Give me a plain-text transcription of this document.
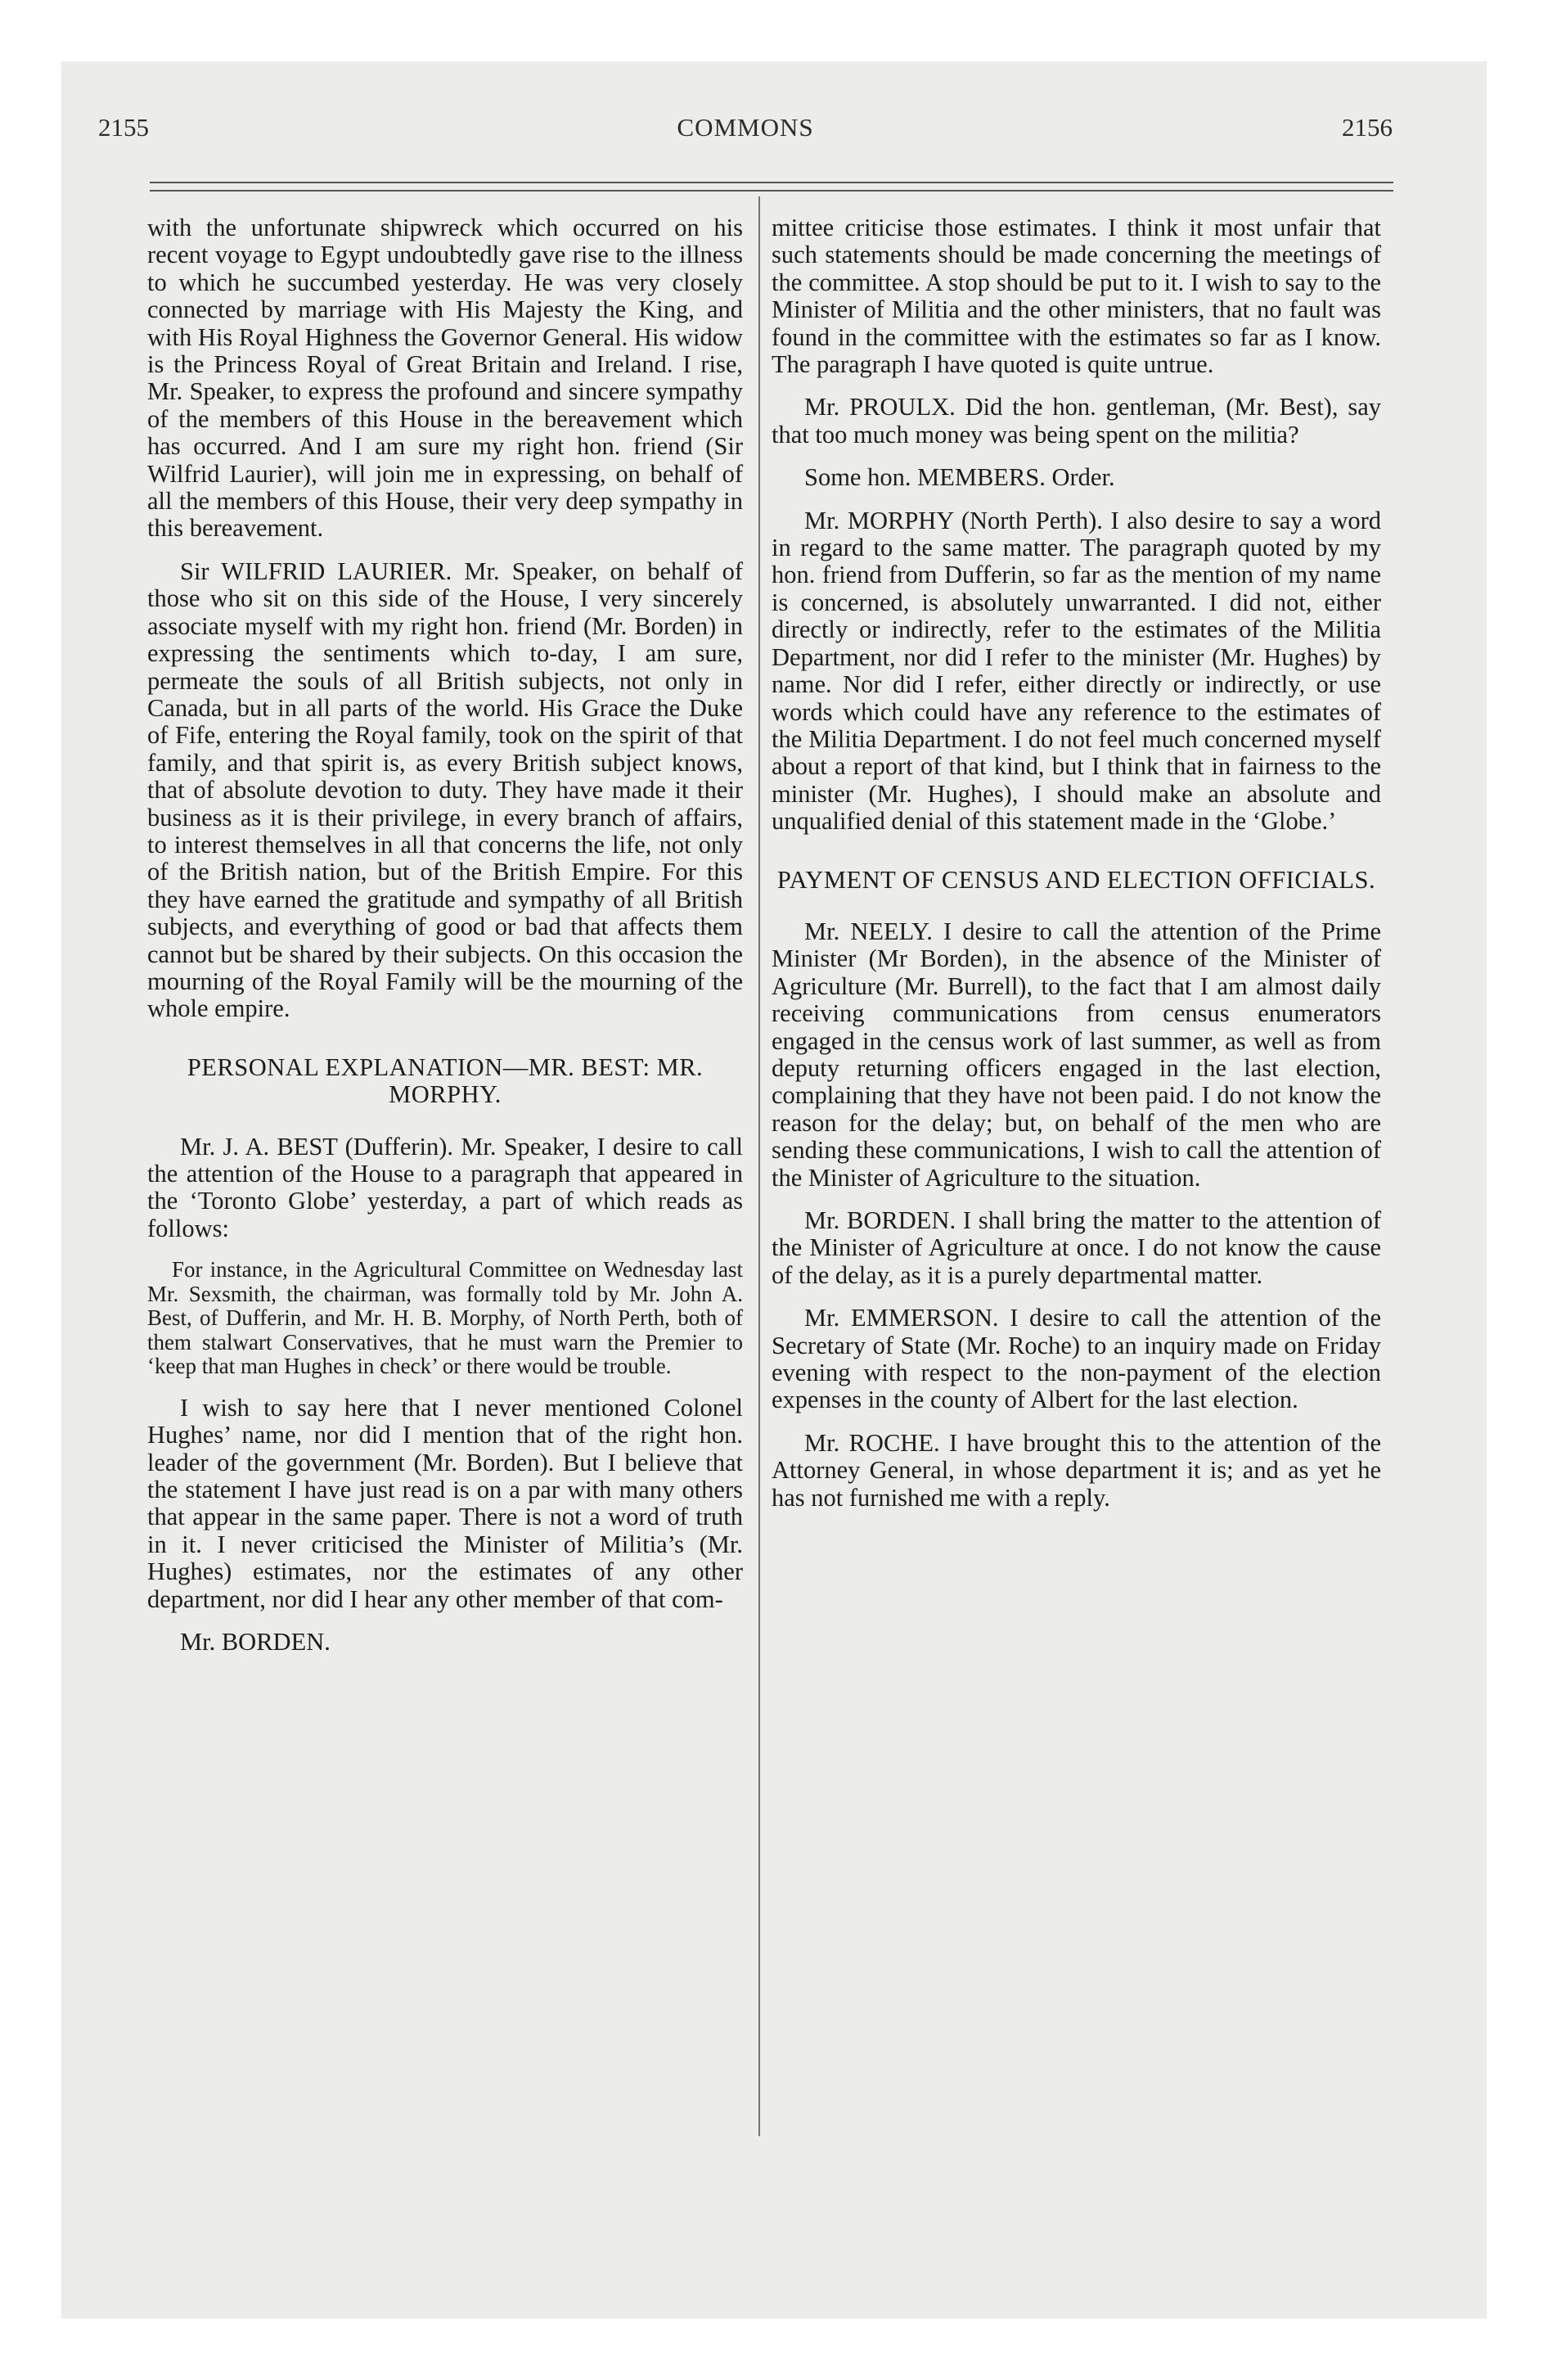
2155	COMMONS	2156

with the unfortunate shipwreck which occurred on his recent voyage to Egypt undoubtedly gave rise to the illness to which he succumbed yesterday. He was very closely connected by marriage with His Majesty the King, and with His Royal Highness the Governor General. His widow is the Princess Royal of Great Britain and Ireland. I rise, Mr. Speaker, to express the profound and sincere sympathy of the members of this House in the bereavement which has occurred. And I am sure my right hon. friend (Sir Wilfrid Laurier), will join me in expressing, on behalf of all the members of this House, their very deep sympathy in this bereavement.

Sir WILFRID LAURIER. Mr. Speaker, on behalf of those who sit on this side of the House, I very sincerely associate myself with my right hon. friend (Mr. Borden) in expressing the sentiments which to-day, I am sure, permeate the souls of all British subjects, not only in Canada, but in all parts of the world. His Grace the Duke of Fife, entering the Royal family, took on the spirit of that family, and that spirit is, as every British subject knows, that of absolute devotion to duty. They have made it their business as it is their privilege, in every branch of affairs, to interest themselves in all that concerns the life, not only of the British nation, but of the British Empire. For this they have earned the gratitude and sympathy of all British subjects, and everything of good or bad that affects them cannot but be shared by their subjects. On this occasion the mourning of the Royal Family will be the mourning of the whole empire.

PERSONAL EXPLANATION—MR. BEST: MR. MORPHY.

Mr. J. A. BEST (Dufferin). Mr. Speaker, I desire to call the attention of the House to a paragraph that appeared in the ‘Toronto Globe’ yesterday, a part of which reads as follows:

For instance, in the Agricultural Committee on Wednesday last Mr. Sexsmith, the chairman, was formally told by Mr. John A. Best, of Dufferin, and Mr. H. B. Morphy, of North Perth, both of them stalwart Conservatives, that he must warn the Premier to ‘keep that man Hughes in check’ or there would be trouble.

I wish to say here that I never mentioned Colonel Hughes’ name, nor did I mention that of the right hon. leader of the government (Mr. Borden). But I believe that the statement I have just read is on a par with many others that appear in the same paper. There is not a word of truth in it. I never criticised the Minister of Militia’s (Mr. Hughes) estimates, nor the estimates of any other department, nor did I hear any other member of that com-

Mr. BORDEN.

mittee criticise those estimates. I think it most unfair that such statements should be made concerning the meetings of the committee. A stop should be put to it. I wish to say to the Minister of Militia and the other ministers, that no fault was found in the committee with the estimates so far as I know. The paragraph I have quoted is quite untrue.

Mr. PROULX. Did the hon. gentleman, (Mr. Best), say that too much money was being spent on the militia?

Some hon. MEMBERS. Order.

Mr. MORPHY (North Perth). I also desire to say a word in regard to the same matter. The paragraph quoted by my hon. friend from Dufferin, so far as the mention of my name is concerned, is absolutely unwarranted. I did not, either directly or indirectly, refer to the estimates of the Militia Department, nor did I refer to the minister (Mr. Hughes) by name. Nor did I refer, either directly or indirectly, or use words which could have any reference to the estimates of the Militia Department. I do not feel much concerned myself about a report of that kind, but I think that in fairness to the minister (Mr. Hughes), I should make an absolute and unqualified denial of this statement made in the ‘Globe.’

PAYMENT OF CENSUS AND ELECTION OFFICIALS.

Mr. NEELY. I desire to call the attention of the Prime Minister (Mr Borden), in the absence of the Minister of Agriculture (Mr. Burrell), to the fact that I am almost daily receiving communications from census enumerators engaged in the census work of last summer, as well as from deputy returning officers engaged in the last election, complaining that they have not been paid. I do not know the reason for the delay; but, on behalf of the men who are sending these communications, I wish to call the attention of the Minister of Agriculture to the situation.

Mr. BORDEN. I shall bring the matter to the attention of the Minister of Agriculture at once. I do not know the cause of the delay, as it is a purely departmental matter.

Mr. EMMERSON. I desire to call the attention of the Secretary of State (Mr. Roche) to an inquiry made on Friday evening with respect to the non-payment of the election expenses in the county of Albert for the last election.

Mr. ROCHE. I have brought this to the attention of the Attorney General, in whose department it is; and as yet he has not furnished me with a reply.
